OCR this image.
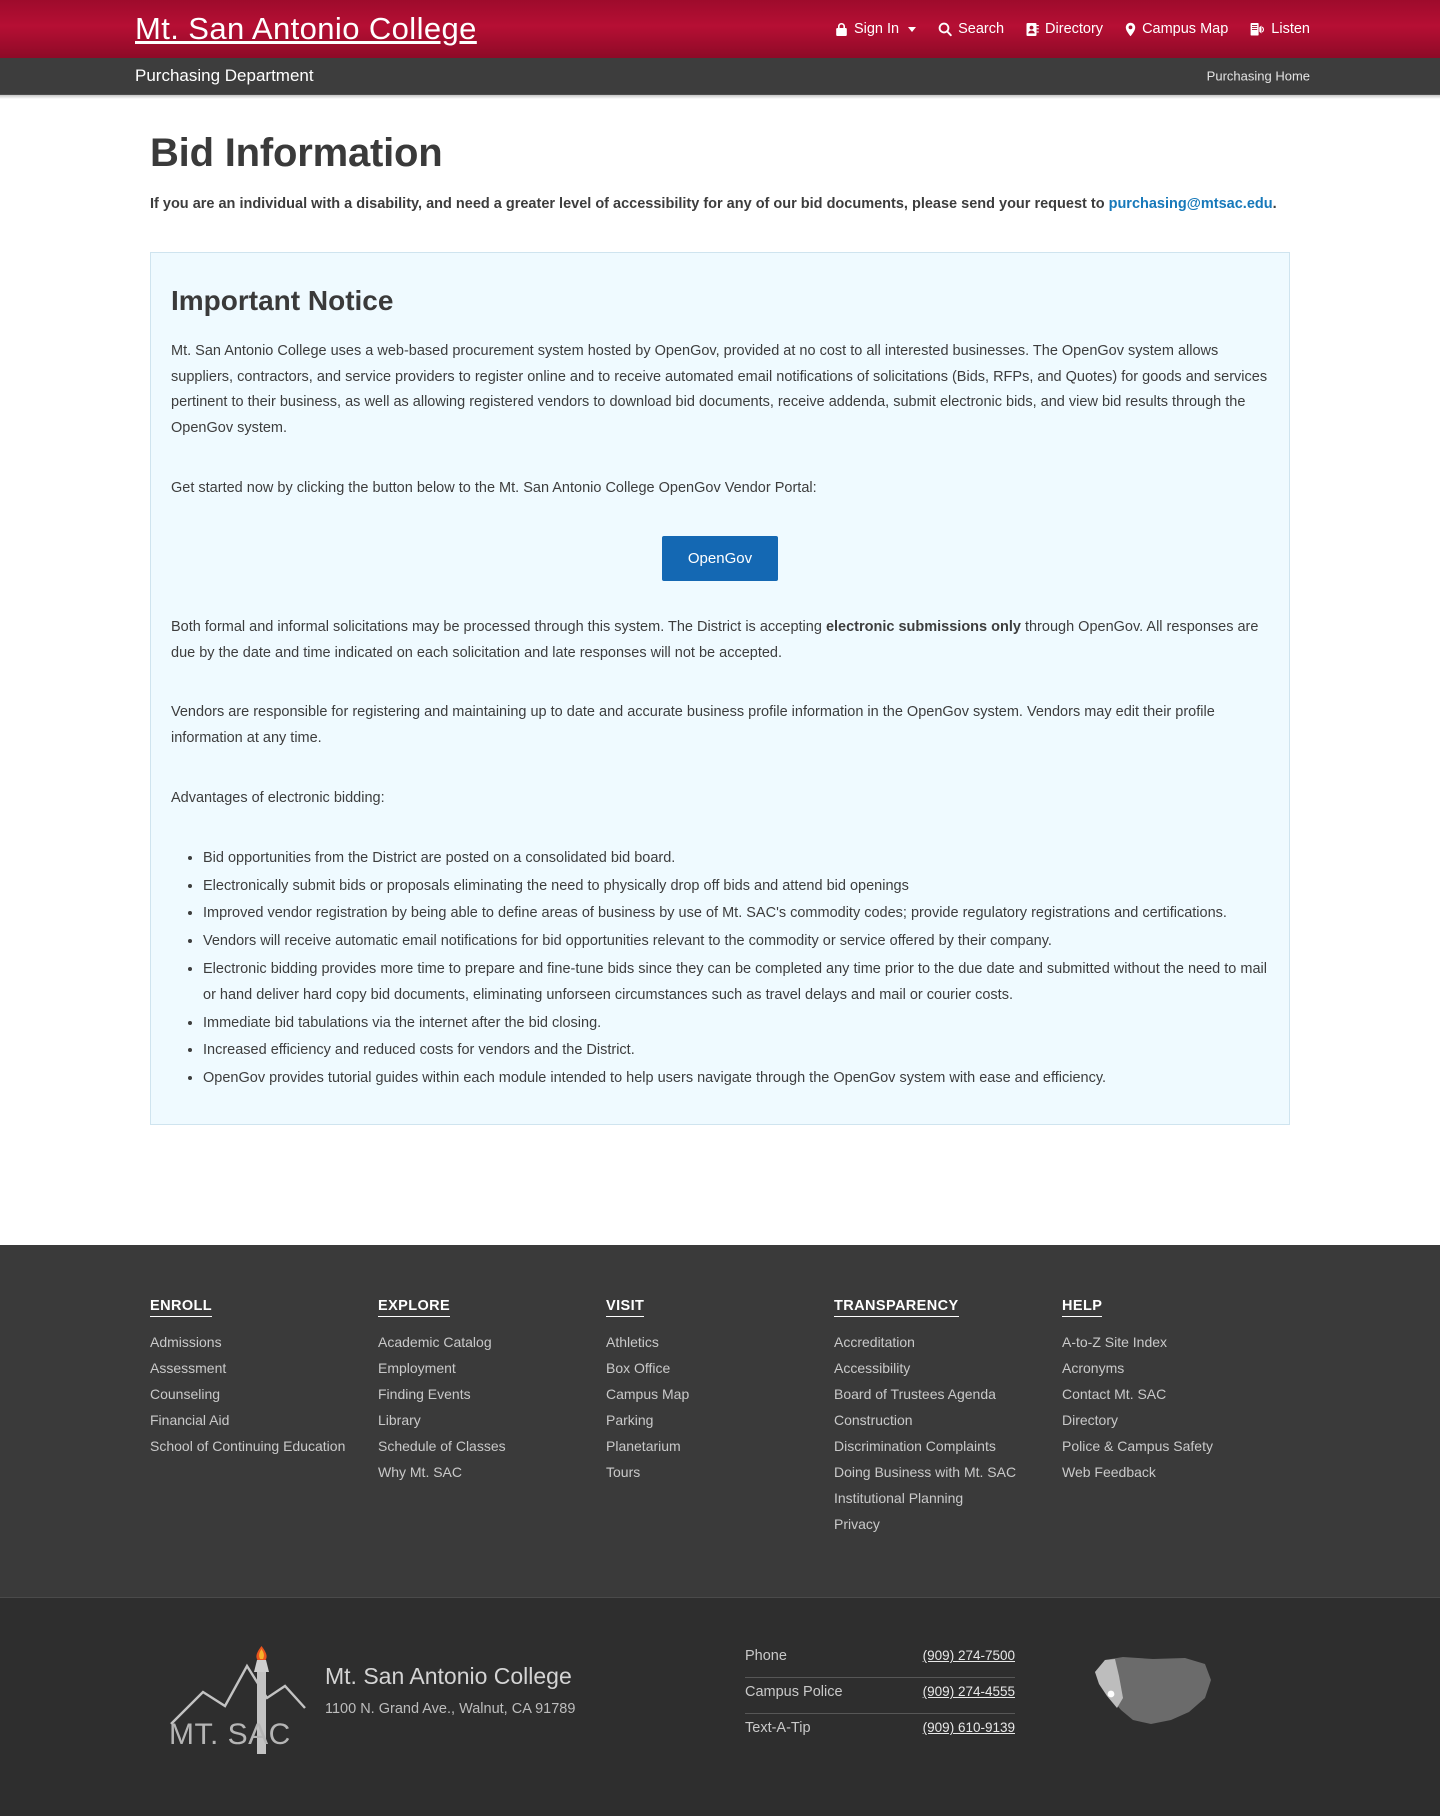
Mt. San Antonio College	Sign In	Search	Directory	Campus Map	Listen
Purchasing Department	Purchasing Home
Bid Information

If you are an individual with a disability, and need a greater level of accessibility for any of our bid documents, please send your request to purchasing@mtsac.edu.

Important Notice

Mt. San Antonio College uses a web-based procurement system hosted by OpenGov, provided at no cost to all interested businesses. The OpenGov system allows suppliers, contractors, and service providers to register online and to receive automated email notifications of solicitations (Bids, RFPs, and Quotes) for goods and services pertinent to their business, as well as allowing registered vendors to download bid documents, receive addenda, submit electronic bids, and view bid results through the OpenGov system.

Get started now by clicking the button below to the Mt. San Antonio College OpenGov Vendor Portal:

OpenGov

Both formal and informal solicitations may be processed through this system. The District is accepting electronic submissions only through OpenGov. All responses are due by the date and time indicated on each solicitation and late responses will not be accepted.

Vendors are responsible for registering and maintaining up to date and accurate business profile information in the OpenGov system. Vendors may edit their profile information at any time.

Advantages of electronic bidding:

• Bid opportunities from the District are posted on a consolidated bid board.
• Electronically submit bids or proposals eliminating the need to physically drop off bids and attend bid openings
• Improved vendor registration by being able to define areas of business by use of Mt. SAC's commodity codes; provide regulatory registrations and certifications.
• Vendors will receive automatic email notifications for bid opportunities relevant to the commodity or service offered by their company.
• Electronic bidding provides more time to prepare and fine-tune bids since they can be completed any time prior to the due date and submitted without the need to mail or hand deliver hard copy bid documents, eliminating unforseen circumstances such as travel delays and mail or courier costs.
• Immediate bid tabulations via the internet after the bid closing.
• Increased efficiency and reduced costs for vendors and the District.
• OpenGov provides tutorial guides within each module intended to help users navigate through the OpenGov system with ease and efficiency.
ENROLL
Admissions
Assessment
Counseling
Financial Aid
School of Continuing Education
EXPLORE
Academic Catalog
Employment
Finding Events
Library
Schedule of Classes
Why Mt. SAC
VISIT
Athletics
Box Office
Campus Map
Parking
Planetarium
Tours
TRANSPARENCY
Accreditation
Accessibility
Board of Trustees Agenda
Construction
Discrimination Complaints
Doing Business with Mt. SAC
Institutional Planning
Privacy
HELP
A-to-Z Site Index
Acronyms
Contact Mt. SAC
Directory
Police & Campus Safety
Web Feedback
MT. SAC

Mt. San Antonio College

1100 N. Grand Ave., Walnut, CA 91789

Phone	(909) 274-7500
Campus Police	(909) 274-4555
Text-A-Tip	(909) 610-9139
